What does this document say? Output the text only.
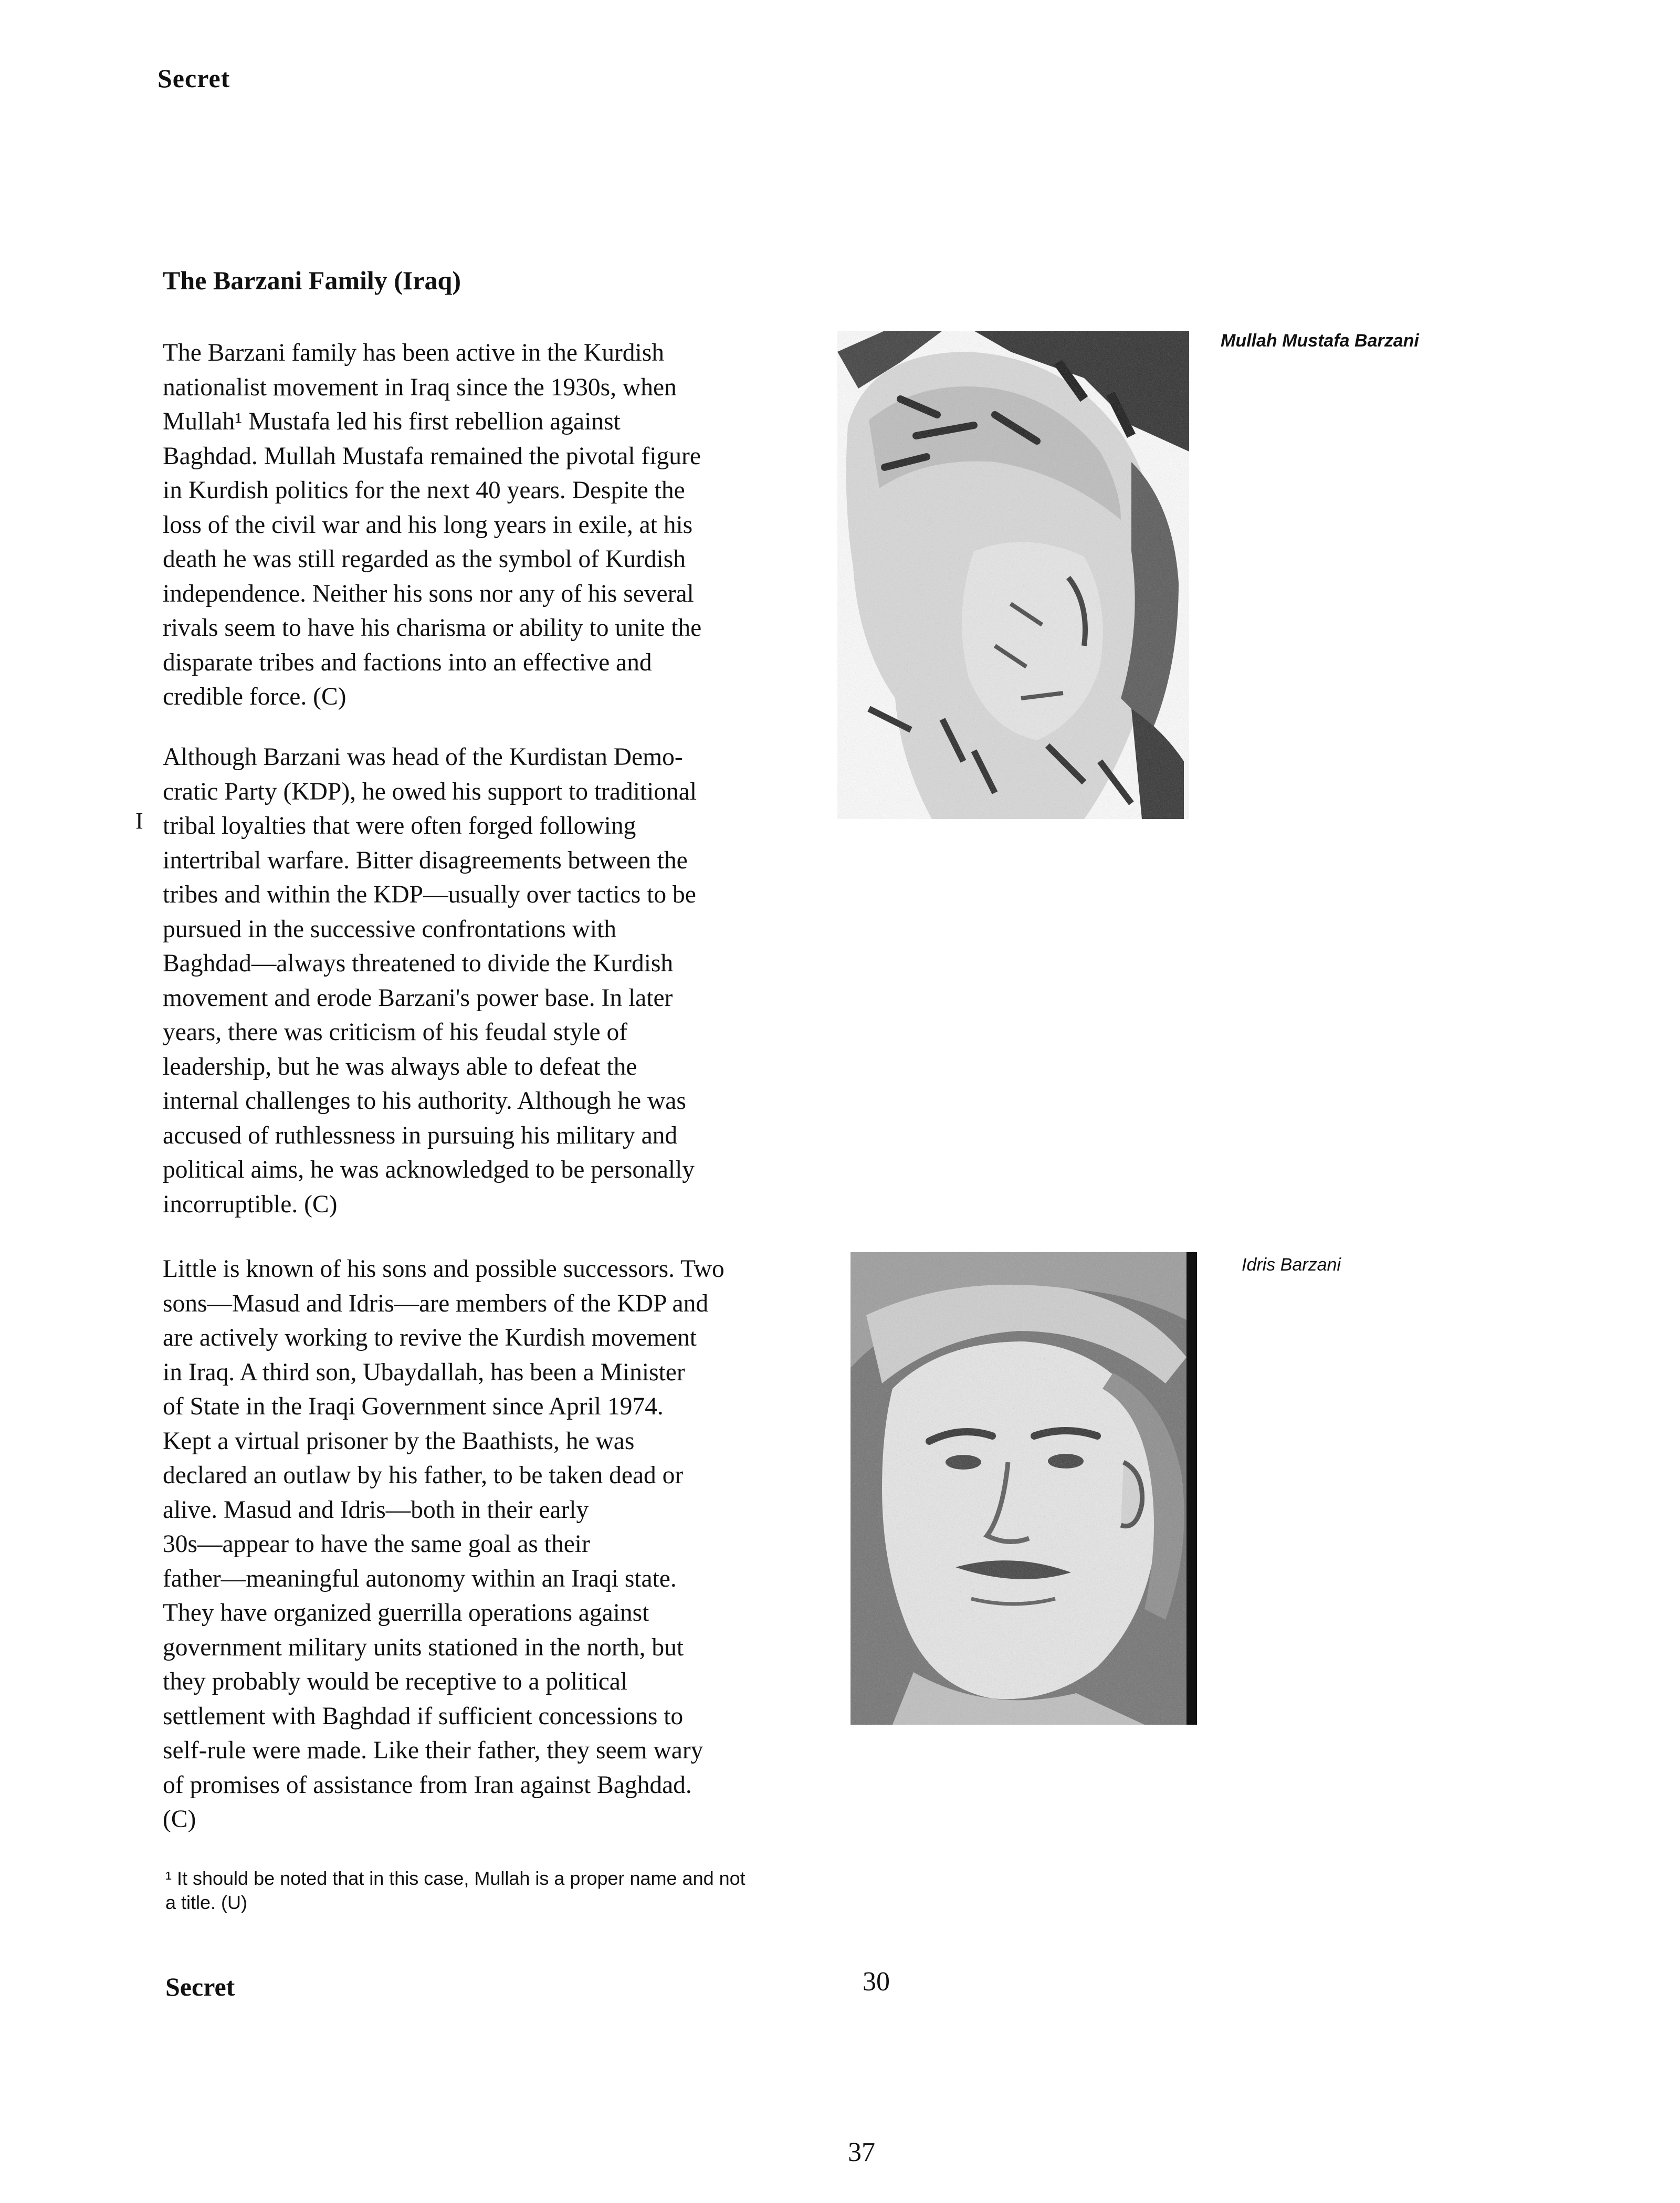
Secret
The Barzani Family (Iraq)
The Barzani family has been active in the Kurdish
nationalist movement in Iraq since the 1930s, when
Mullah¹ Mustafa led his first rebellion against
Baghdad. Mullah Mustafa remained the pivotal figure
in Kurdish politics for the next 40 years. Despite the
loss of the civil war and his long years in exile, at his
death he was still regarded as the symbol of Kurdish
independence. Neither his sons nor any of his several
rivals seem to have his charisma or ability to unite the
disparate tribes and factions into an effective and
credible force. (C)
I
Although Barzani was head of the Kurdistan Demo-
cratic Party (KDP), he owed his support to traditional
tribal loyalties that were often forged following
intertribal warfare. Bitter disagreements between the
tribes and within the KDP—usually over tactics to be
pursued in the successive confrontations with
Baghdad—always threatened to divide the Kurdish
movement and erode Barzani's power base. In later
years, there was criticism of his feudal style of
leadership, but he was always able to defeat the
internal challenges to his authority. Although he was
accused of ruthlessness in pursuing his military and
political aims, he was acknowledged to be personally
incorruptible. (C)
Little is known of his sons and possible successors. Two
sons—Masud and Idris—are members of the KDP and
are actively working to revive the Kurdish movement
in Iraq. A third son, Ubaydallah, has been a Minister
of State in the Iraqi Government since April 1974.
Kept a virtual prisoner by the Baathists, he was
declared an outlaw by his father, to be taken dead or
alive. Masud and Idris—both in their early
30s—appear to have the same goal as their
father—meaningful autonomy within an Iraqi state.
They have organized guerrilla operations against
government military units stationed in the north, but
they probably would be receptive to a political
settlement with Baghdad if sufficient concessions to
self-rule were made. Like their father, they seem wary
of promises of assistance from Iran against Baghdad.
(C)
Mullah Mustafa Barzani
Idris Barzani
¹ It should be noted that in this case, Mullah is a proper name and not
a title. (U)
Secret	30
37
